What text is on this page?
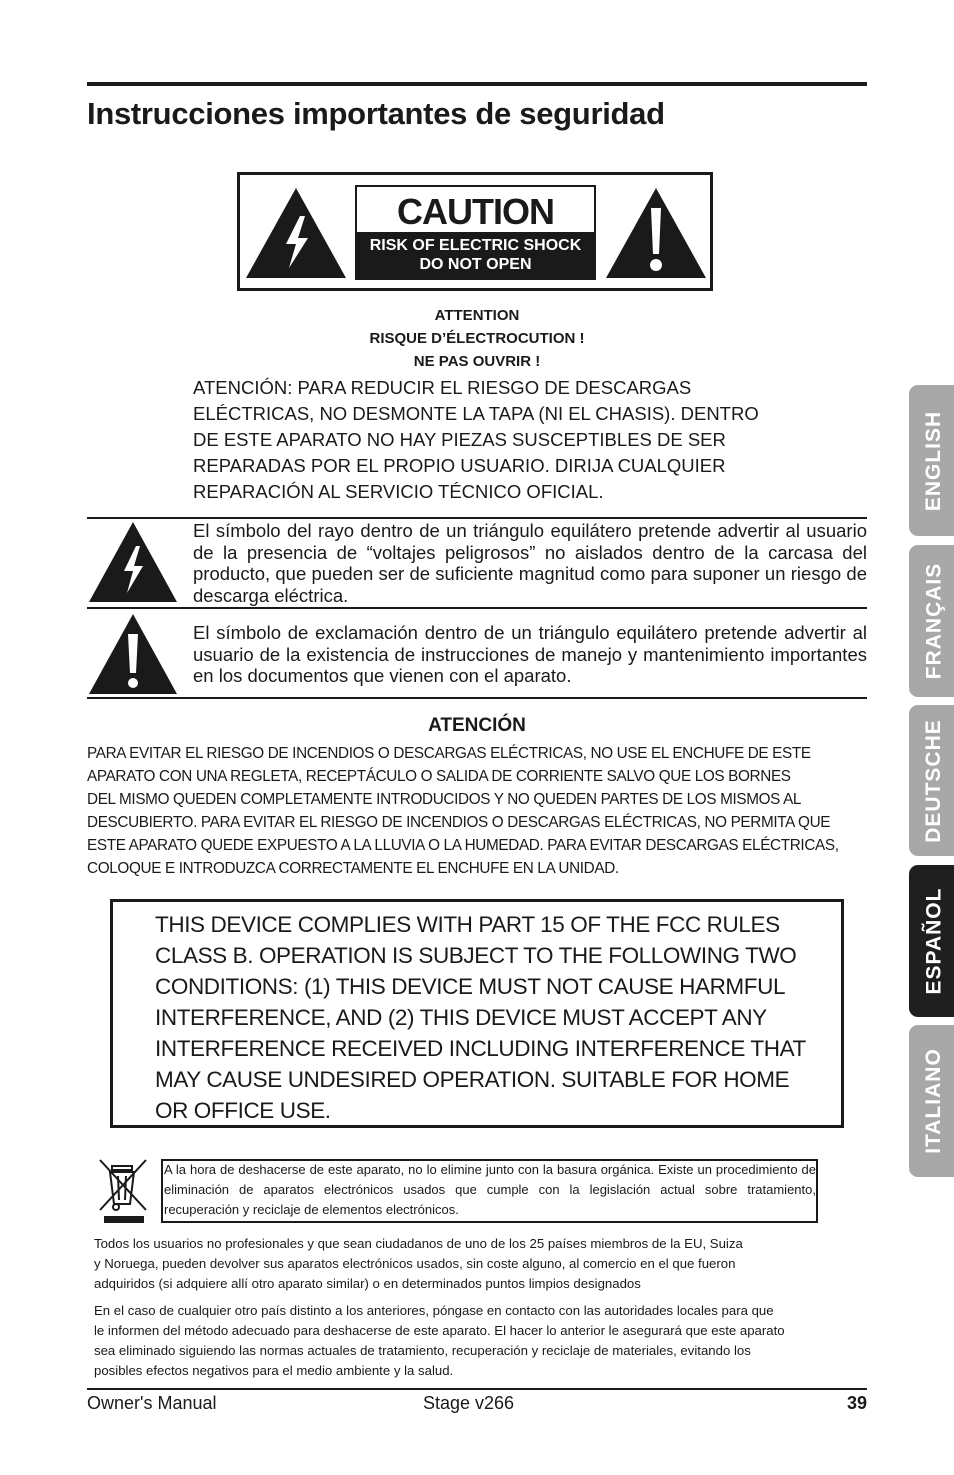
Instrucciones importantes de seguridad
CAUTION
RISK OF ELECTRIC SHOCK
DO NOT OPEN
ATTENTION
RISQUE D’ÉLECTROCUTION !
NE PAS OUVRIR !
ATENCIÓN: PARA REDUCIR EL RIESGO DE DESCARGAS
ELÉCTRICAS, NO DESMONTE LA TAPA (NI EL CHASIS). DENTRO
DE ESTE APARATO NO HAY PIEZAS SUSCEPTIBLES DE SER
REPARADAS POR EL PROPIO USUARIO. DIRIJA CUALQUIER
REPARACIÓN AL SERVICIO TÉCNICO OFICIAL.
El símbolo del rayo dentro de un triángulo equilátero pretende advertir al usuario de la presencia de “voltajes peligrosos” no aislados dentro de la carcasa del producto, que pueden ser de suficiente magnitud como para suponer un riesgo de descarga eléctrica.
El símbolo de exclamación dentro de un triángulo equilátero pretende advertir al usuario de la existencia de instrucciones de manejo y mantenimiento importantes en los documentos que vienen con el aparato.
ATENCIÓN
PARA EVITAR EL RIESGO DE INCENDIOS O DESCARGAS ELÉCTRICAS, NO USE EL ENCHUFE DE ESTE
APARATO CON UNA REGLETA, RECEPTÁCULO O SALIDA DE CORRIENTE SALVO QUE LOS BORNES
DEL MISMO QUEDEN COMPLETAMENTE INTRODUCIDOS Y NO QUEDEN PARTES DE LOS MISMOS AL
DESCUBIERTO. PARA EVITAR EL RIESGO DE INCENDIOS O DESCARGAS ELÉCTRICAS, NO PERMITA QUE
ESTE APARATO QUEDE EXPUESTO A LA LLUVIA O LA HUMEDAD. PARA EVITAR DESCARGAS ELÉCTRICAS,
COLOQUE E INTRODUZCA CORRECTAMENTE EL ENCHUFE EN LA UNIDAD.
THIS DEVICE COMPLIES WITH PART 15 OF THE FCC RULES
CLASS B. OPERATION IS SUBJECT TO THE FOLLOWING TWO
CONDITIONS: (1) THIS DEVICE MUST NOT CAUSE HARMFUL
INTERFERENCE, AND (2) THIS DEVICE MUST ACCEPT ANY
INTERFERENCE RECEIVED INCLUDING INTERFERENCE THAT
MAY CAUSE UNDESIRED OPERATION. SUITABLE FOR HOME
OR OFFICE USE.
A la hora de deshacerse de este aparato, no lo elimine junto con la basura orgánica. Existe un procedimiento de eliminación de aparatos electrónicos usados que cumple con la legislación actual sobre tratamiento, recuperación y reciclaje de elementos electrónicos.
Todos los usuarios no profesionales y que sean ciudadanos de uno de los 25 países miembros de la EU, Suiza
y Noruega, pueden devolver sus aparatos electrónicos usados, sin coste alguno, al comercio en el que fueron
adquiridos (si adquiere allí otro aparato similar) o en determinados puntos limpios designados
En el caso de cualquier otro país distinto a los anteriores, póngase en contacto con las autoridades locales para que
le informen del método adecuado para deshacerse de este aparato. El hacer lo anterior le asegurará que este aparato
sea eliminado siguiendo las normas actuales de tratamiento, recuperación y reciclaje de materiales, evitando los
posibles efectos negativos para el medio ambiente y la salud.
Owner's Manual	Stage v266	39
ENGLISH
FRANÇAIS
DEUTSCHE
ESPAÑOL
ITALIANO
